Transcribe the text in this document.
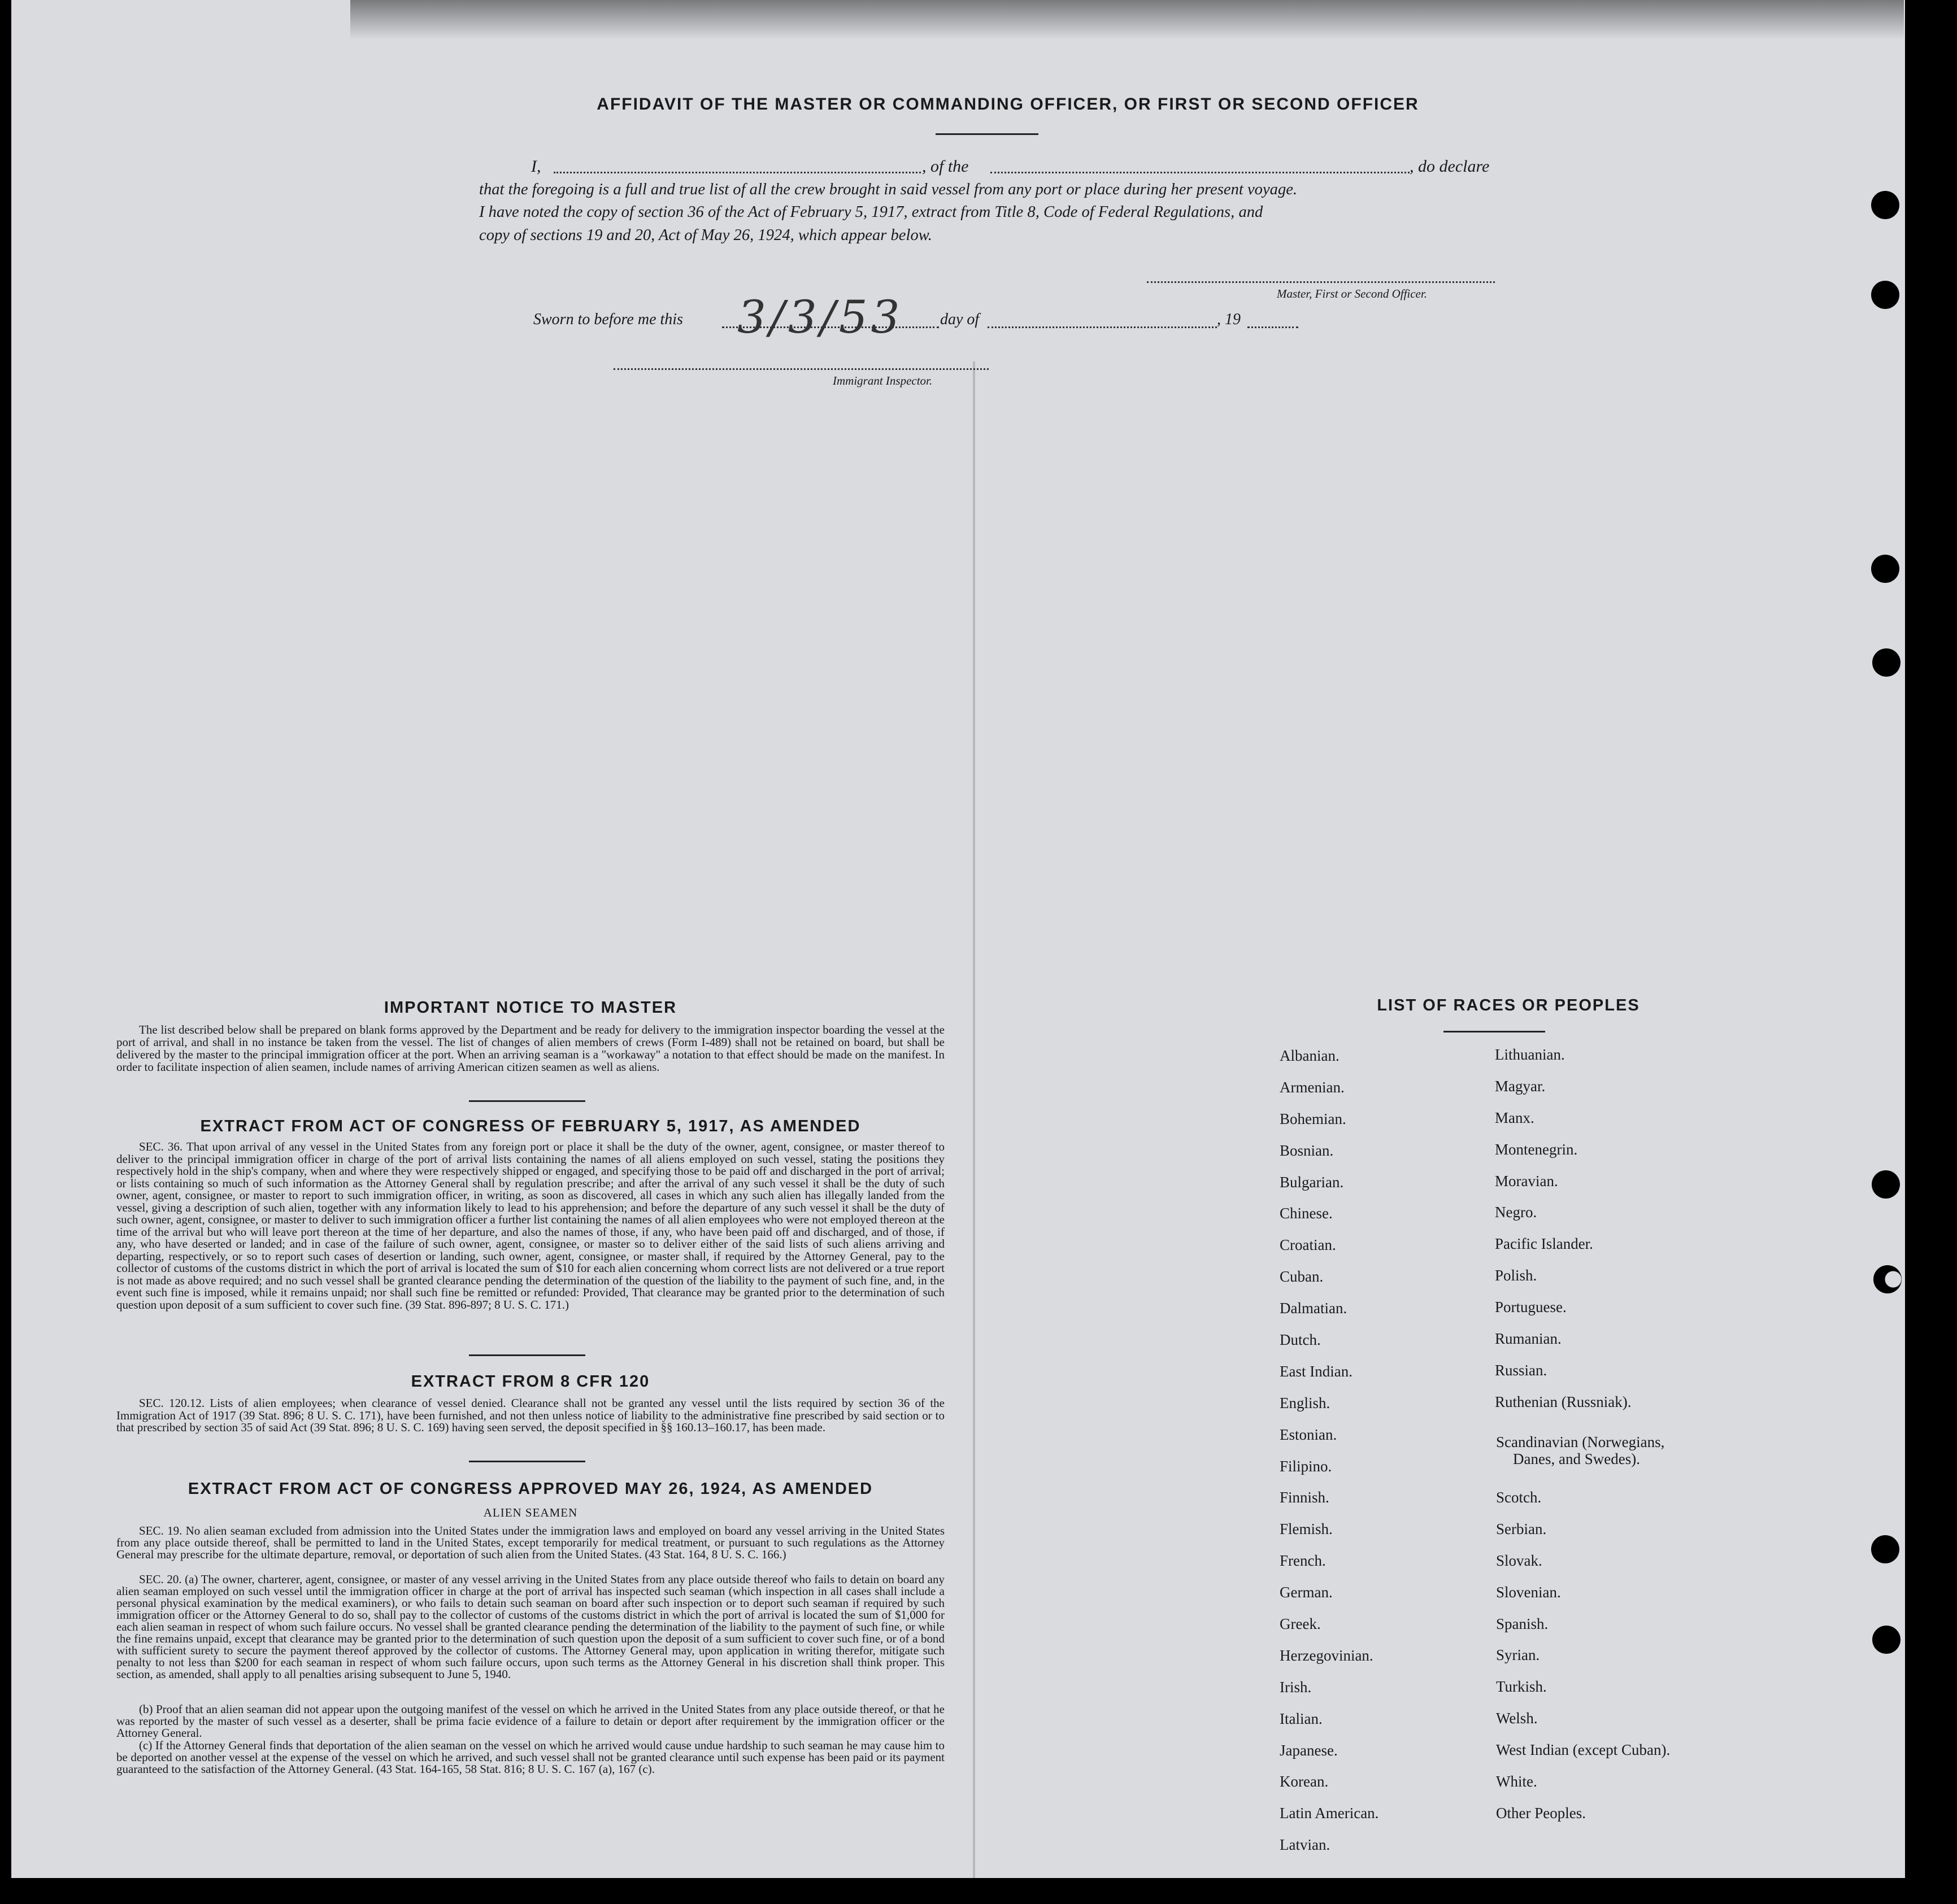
AFFIDAVIT OF THE MASTER OR COMMANDING OFFICER, OR FIRST OR SECOND OFFICER
I,	, of the	, do declare
that the foregoing is a full and true list of all the crew brought in said vessel from any port or place during her present voyage.
I have noted the copy of section 36 of the Act of February 5, 1917, extract from Title 8, Code of Federal Regulations, and
copy of sections 19 and 20, Act of May 26, 1924, which appear below.
Master, First or Second Officer.
Sworn to before me this 3/3/53 day of	, 19
Immigrant Inspector.
IMPORTANT NOTICE TO MASTER
The list described below shall be prepared on blank forms approved by the Department and be ready for delivery to the immigration inspector boarding the vessel at the port of arrival, and shall in no instance be taken from the vessel. The list of changes of alien members of crews (Form I-489) shall not be retained on board, but shall be delivered by the master to the principal immigration officer at the port. When an arriving seaman is a "workaway" a notation to that effect should be made on the manifest. In order to facilitate inspection of alien seamen, include names of arriving American citizen seamen as well as aliens.
EXTRACT FROM ACT OF CONGRESS OF FEBRUARY 5, 1917, AS AMENDED
SEC. 36. That upon arrival of any vessel in the United States from any foreign port or place it shall be the duty of the owner, agent, consignee, or master thereof to deliver to the principal immigration officer in charge of the port of arrival lists containing the names of all aliens employed on such vessel, stating the positions they respectively hold in the ship's company, when and where they were respectively shipped or engaged, and specifying those to be paid off and discharged in the port of arrival; or lists containing so much of such information as the Attorney General shall by regulation prescribe; and after the arrival of any such vessel it shall be the duty of such owner, agent, consignee, or master to report to such immigration officer, in writing, as soon as discovered, all cases in which any such alien has illegally landed from the vessel, giving a description of such alien, together with any information likely to lead to his apprehension; and before the departure of any such vessel it shall be the duty of such owner, agent, consignee, or master to deliver to such immigration officer a further list containing the names of all alien employees who were not employed thereon at the time of the arrival but who will leave port thereon at the time of her departure, and also the names of those, if any, who have been paid off and discharged, and of those, if any, who have deserted or landed; and in case of the failure of such owner, agent, consignee, or master so to deliver either of the said lists of such aliens arriving and departing, respectively, or so to report such cases of desertion or landing, such owner, agent, consignee, or master shall, if required by the Attorney General, pay to the collector of customs of the customs district in which the port of arrival is located the sum of $10 for each alien concerning whom correct lists are not delivered or a true report is not made as above required; and no such vessel shall be granted clearance pending the determination of the question of the liability to the payment of such fine, and, in the event such fine is imposed, while it remains unpaid; nor shall such fine be remitted or refunded: Provided, That clearance may be granted prior to the determination of such question upon deposit of a sum sufficient to cover such fine. (39 Stat. 896-897; 8 U. S. C. 171.)
EXTRACT FROM 8 CFR 120
SEC. 120.12. Lists of alien employees; when clearance of vessel denied. Clearance shall not be granted any vessel until the lists required by section 36 of the Immigration Act of 1917 (39 Stat. 896; 8 U. S. C. 171), have been furnished, and not then unless notice of liability to the administrative fine prescribed by said section or to that prescribed by section 35 of said Act (39 Stat. 896; 8 U. S. C. 169) having seen served, the deposit specified in §§ 160.13–160.17, has been made.
EXTRACT FROM ACT OF CONGRESS APPROVED MAY 26, 1924, AS AMENDED
ALIEN SEAMEN
SEC. 19. No alien seaman excluded from admission into the United States under the immigration laws and employed on board any vessel arriving in the United States from any place outside thereof, shall be permitted to land in the United States, except temporarily for medical treatment, or pursuant to such regulations as the Attorney General may prescribe for the ultimate departure, removal, or deportation of such alien from the United States. (43 Stat. 164, 8 U. S. C. 166.)
SEC. 20. (a) The owner, charterer, agent, consignee, or master of any vessel arriving in the United States from any place outside thereof who fails to detain on board any alien seaman employed on such vessel until the immigration officer in charge at the port of arrival has inspected such seaman (which inspection in all cases shall include a personal physical examination by the medical examiners), or who fails to detain such seaman on board after such inspection or to deport such seaman if required by such immigration officer or the Attorney General to do so, shall pay to the collector of customs of the customs district in which the port of arrival is located the sum of $1,000 for each alien seaman in respect of whom such failure occurs. No vessel shall be granted clearance pending the determination of the liability to the payment of such fine, or while the fine remains unpaid, except that clearance may be granted prior to the determination of such question upon the deposit of a sum sufficient to cover such fine, or of a bond with sufficient surety to secure the payment thereof approved by the collector of customs. The Attorney General may, upon application in writing therefor, mitigate such penalty to not less than $200 for each seaman in respect of whom such failure occurs, upon such terms as the Attorney General in his discretion shall think proper. This section, as amended, shall apply to all penalties arising subsequent to June 5, 1940.
(b) Proof that an alien seaman did not appear upon the outgoing manifest of the vessel on which he arrived in the United States from any place outside thereof, or that he was reported by the master of such vessel as a deserter, shall be prima facie evidence of a failure to detain or deport after requirement by the immigration officer or the Attorney General.
(c) If the Attorney General finds that deportation of the alien seaman on the vessel on which he arrived would cause undue hardship to such seaman he may cause him to be deported on another vessel at the expense of the vessel on which he arrived, and such vessel shall not be granted clearance until such expense has been paid or its payment guaranteed to the satisfaction of the Attorney General. (43 Stat. 164-165, 58 Stat. 816; 8 U. S. C. 167 (a), 167 (c).
LIST OF RACES OR PEOPLES
Albanian.
Armenian.
Bohemian.
Bosnian.
Bulgarian.
Chinese.
Croatian.
Cuban.
Dalmatian.
Dutch.
East Indian.
English.
Estonian.
Filipino.
Finnish.
Flemish.
French.
German.
Greek.
Herzegovinian.
Irish.
Italian.
Japanese.
Korean.
Latin American.
Latvian.
Lithuanian.
Magyar.
Manx.
Montenegrin.
Moravian.
Negro.
Pacific Islander.
Polish.
Portuguese.
Rumanian.
Russian.
Ruthenian (Russniak).
Scandinavian (Norwegians,
Danes, and Swedes).
Scotch.
Serbian.
Slovak.
Slovenian.
Spanish.
Syrian.
Turkish.
Welsh.
West Indian (except Cuban).
White.
Other Peoples.
